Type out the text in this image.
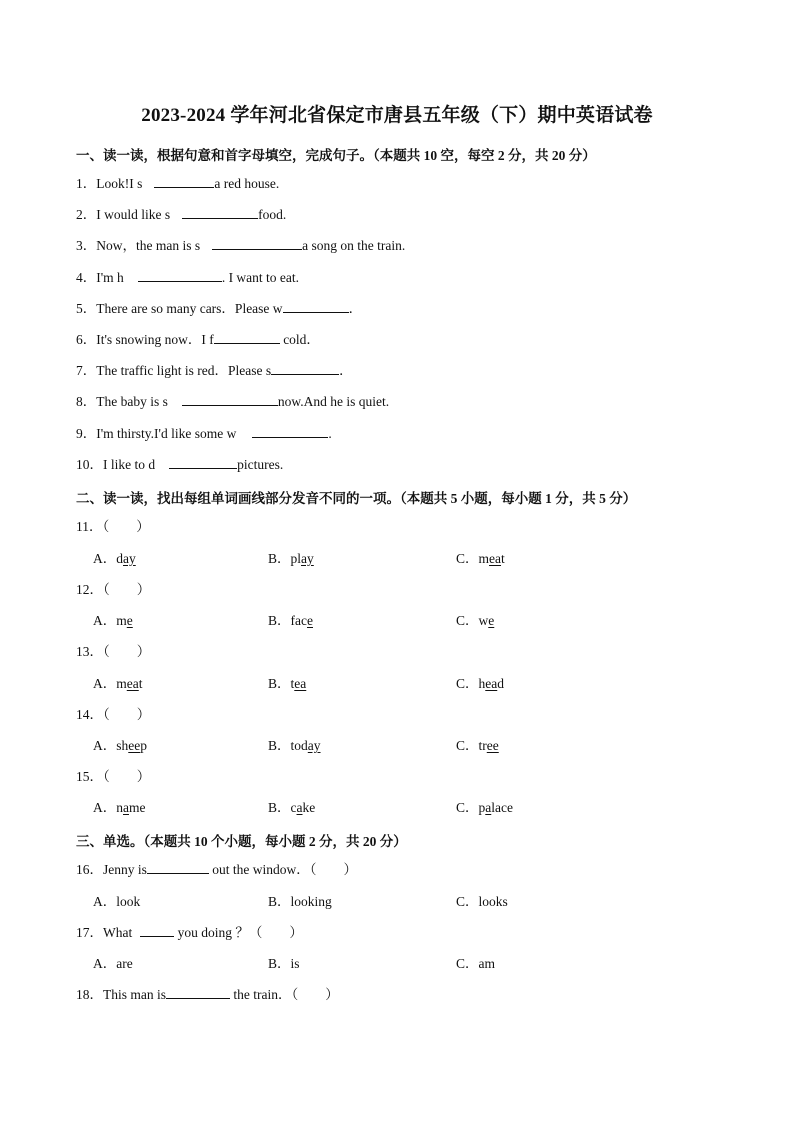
2023-2024 学年河北省保定市唐县五年级（下）期中英语试卷
一、读一读，根据句意和首字母填空，完成句子。（本题共 10 空，每空 2 分，共 20 分）
1．Look!I s	a red house.
2．I would like s	food.
3．Now，the man is s	a song on the train.
4．I'm h	. I want to eat.
5．There are so many cars．Please w	．
6．It's snowing now．I f	cold．
7．The traffic light is red．Please s	．
8．The baby is s	now.And he is quiet.
9．I'm thirsty.I'd like some w	.
10．I like to d	pictures.
二、读一读，找出每组单词画线部分发音不同的一项。（本题共 5 小题，每小题 1 分，共 5 分）
11．（　　）
A．day	B．play	C．meat
12．（　　）
A．me	B．face	C．we
13．（　　）
A．meat	B．tea	C．head
14．（　　）
A．sheep	B．today	C．tree
15．（　　）
A．name	B．cake	C．palace
三、单选。（本题共 10 个小题，每小题 2 分，共 20 分）
16．Jenny is	out the window．（　　）
A．look	B．looking	C．looks
17．What	you doing ？（　　）
A．are	B．is	C．am
18．This man is	the train．（　　）
